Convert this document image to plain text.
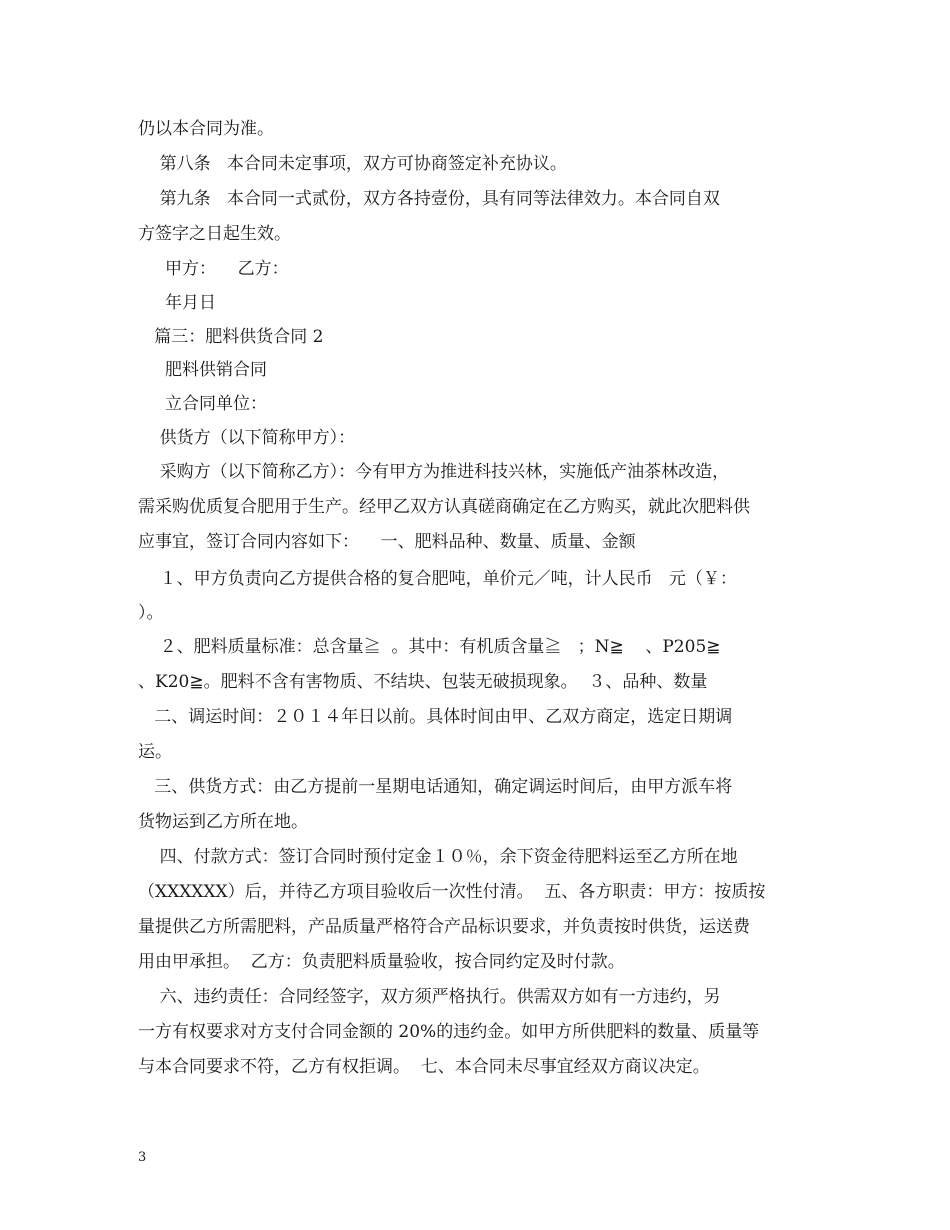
仍以本合同为准。
第八条   本合同未定事项，双方可协商签定补充协议。
第九条   本合同一式贰份，双方各持壹份，具有同等法律效力。本合同自双
方签字之日起生效。
甲方：    乙方：
年月日
篇三：肥料供货合同 2
肥料供销合同
立合同单位：
供货方（以下简称甲方）：
采购方（以下简称乙方）：今有甲方为推进科技兴林，实施低产油茶林改造，
需采购优质复合肥用于生产。经甲乙双方认真磋商确定在乙方购买，就此次肥料供
应事宜，签订合同内容如下：    一、肥料品种、数量、质量、金额
１、甲方负责向乙方提供合格的复合肥吨，单价元／吨，计人民币   元（￥：
）。
２、肥料质量标准：总含量≧  。其中：有机质含量≧   ；N≧    、P205≧
、K20≧。肥料不含有害物质、不结块、包装无破损现象。  ３、品种、数量
二、调运时间：２０１４年日以前。具体时间由甲、乙双方商定，选定日期调
运。
三、供货方式：由乙方提前一星期电话通知，确定调运时间后，由甲方派车将
货物运到乙方所在地。
四、付款方式：签订合同时预付定金１０％，余下资金待肥料运至乙方所在地
（XXXXXX）后，并待乙方项目验收后一次性付清。  五、各方职责：甲方：按质按
量提供乙方所需肥料，产品质量严格符合产品标识要求，并负责按时供货，运送费
用由甲承担。  乙方：负责肥料质量验收，按合同约定及时付款。
六、违约责任：合同经签字，双方须严格执行。供需双方如有一方违约，另
一方有权要求对方支付合同金额的 20%的违约金。如甲方所供肥料的数量、质量等
与本合同要求不符，乙方有权拒调。  七、本合同未尽事宜经双方商议决定。
3
